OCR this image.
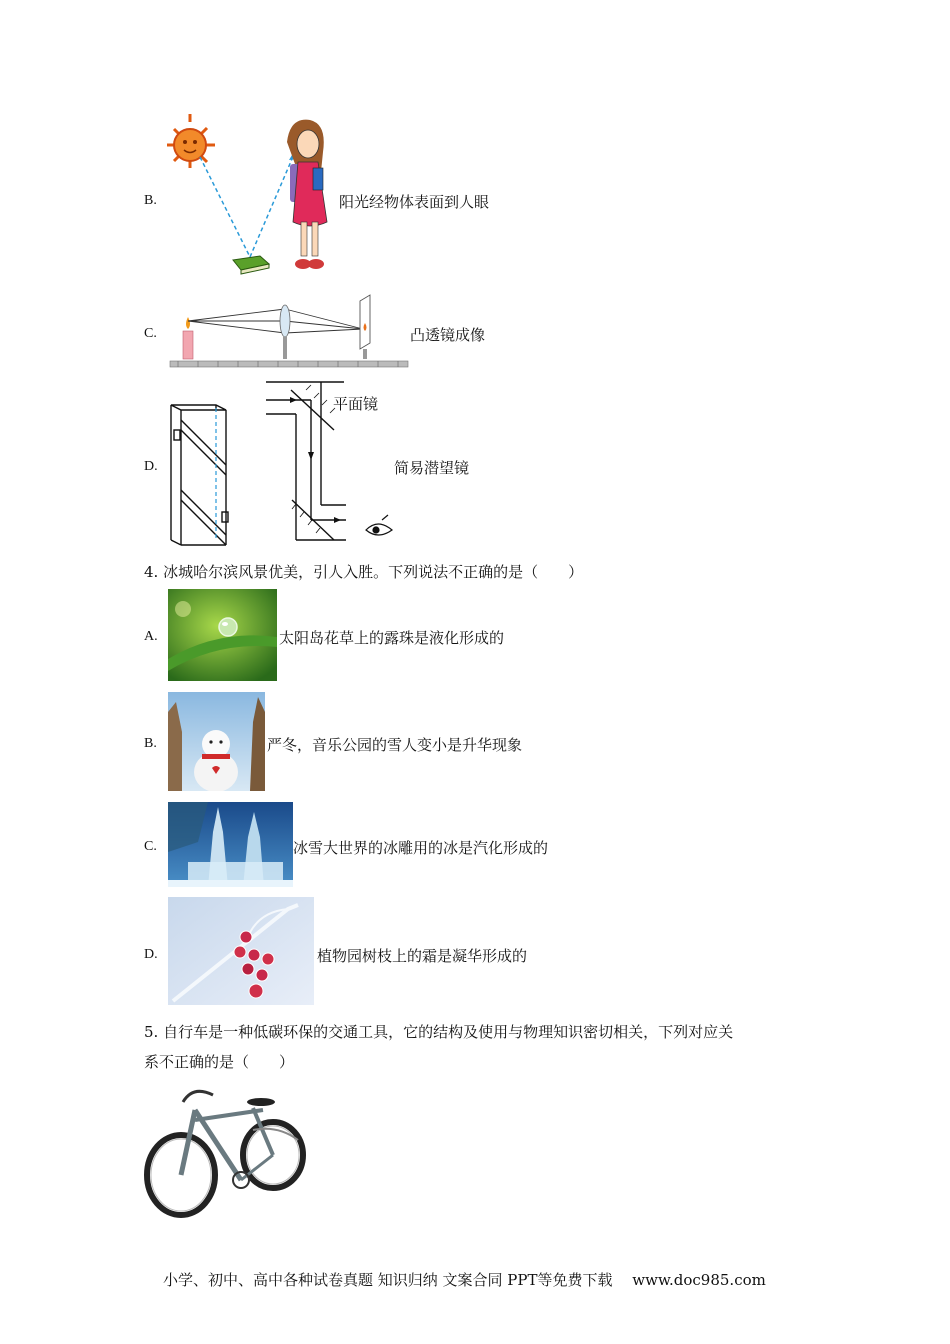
B.	阳光经物体表面到人眼
C.	凸透镜成像
D.
平面镜
简易潜望镜
4. 冰城哈尔滨风景优美，引人入胜。下列说法不正确的是（　　）
A.	太阳岛花草上的露珠是液化形成的
B.	严冬，音乐公园的雪人变小是升华现象
C.	冰雪大世界的冰雕用的冰是汽化形成的
D.	植物园树枝上的霜是凝华形成的
5. 自行车是一种低碳环保的交通工具，它的结构及使用与物理知识密切相关，下列对应关
系不正确的是（　　）
小学、初中、高中各种试卷真题 知识归纳 文案合同 PPT等免费下载　 www.doc985.com
